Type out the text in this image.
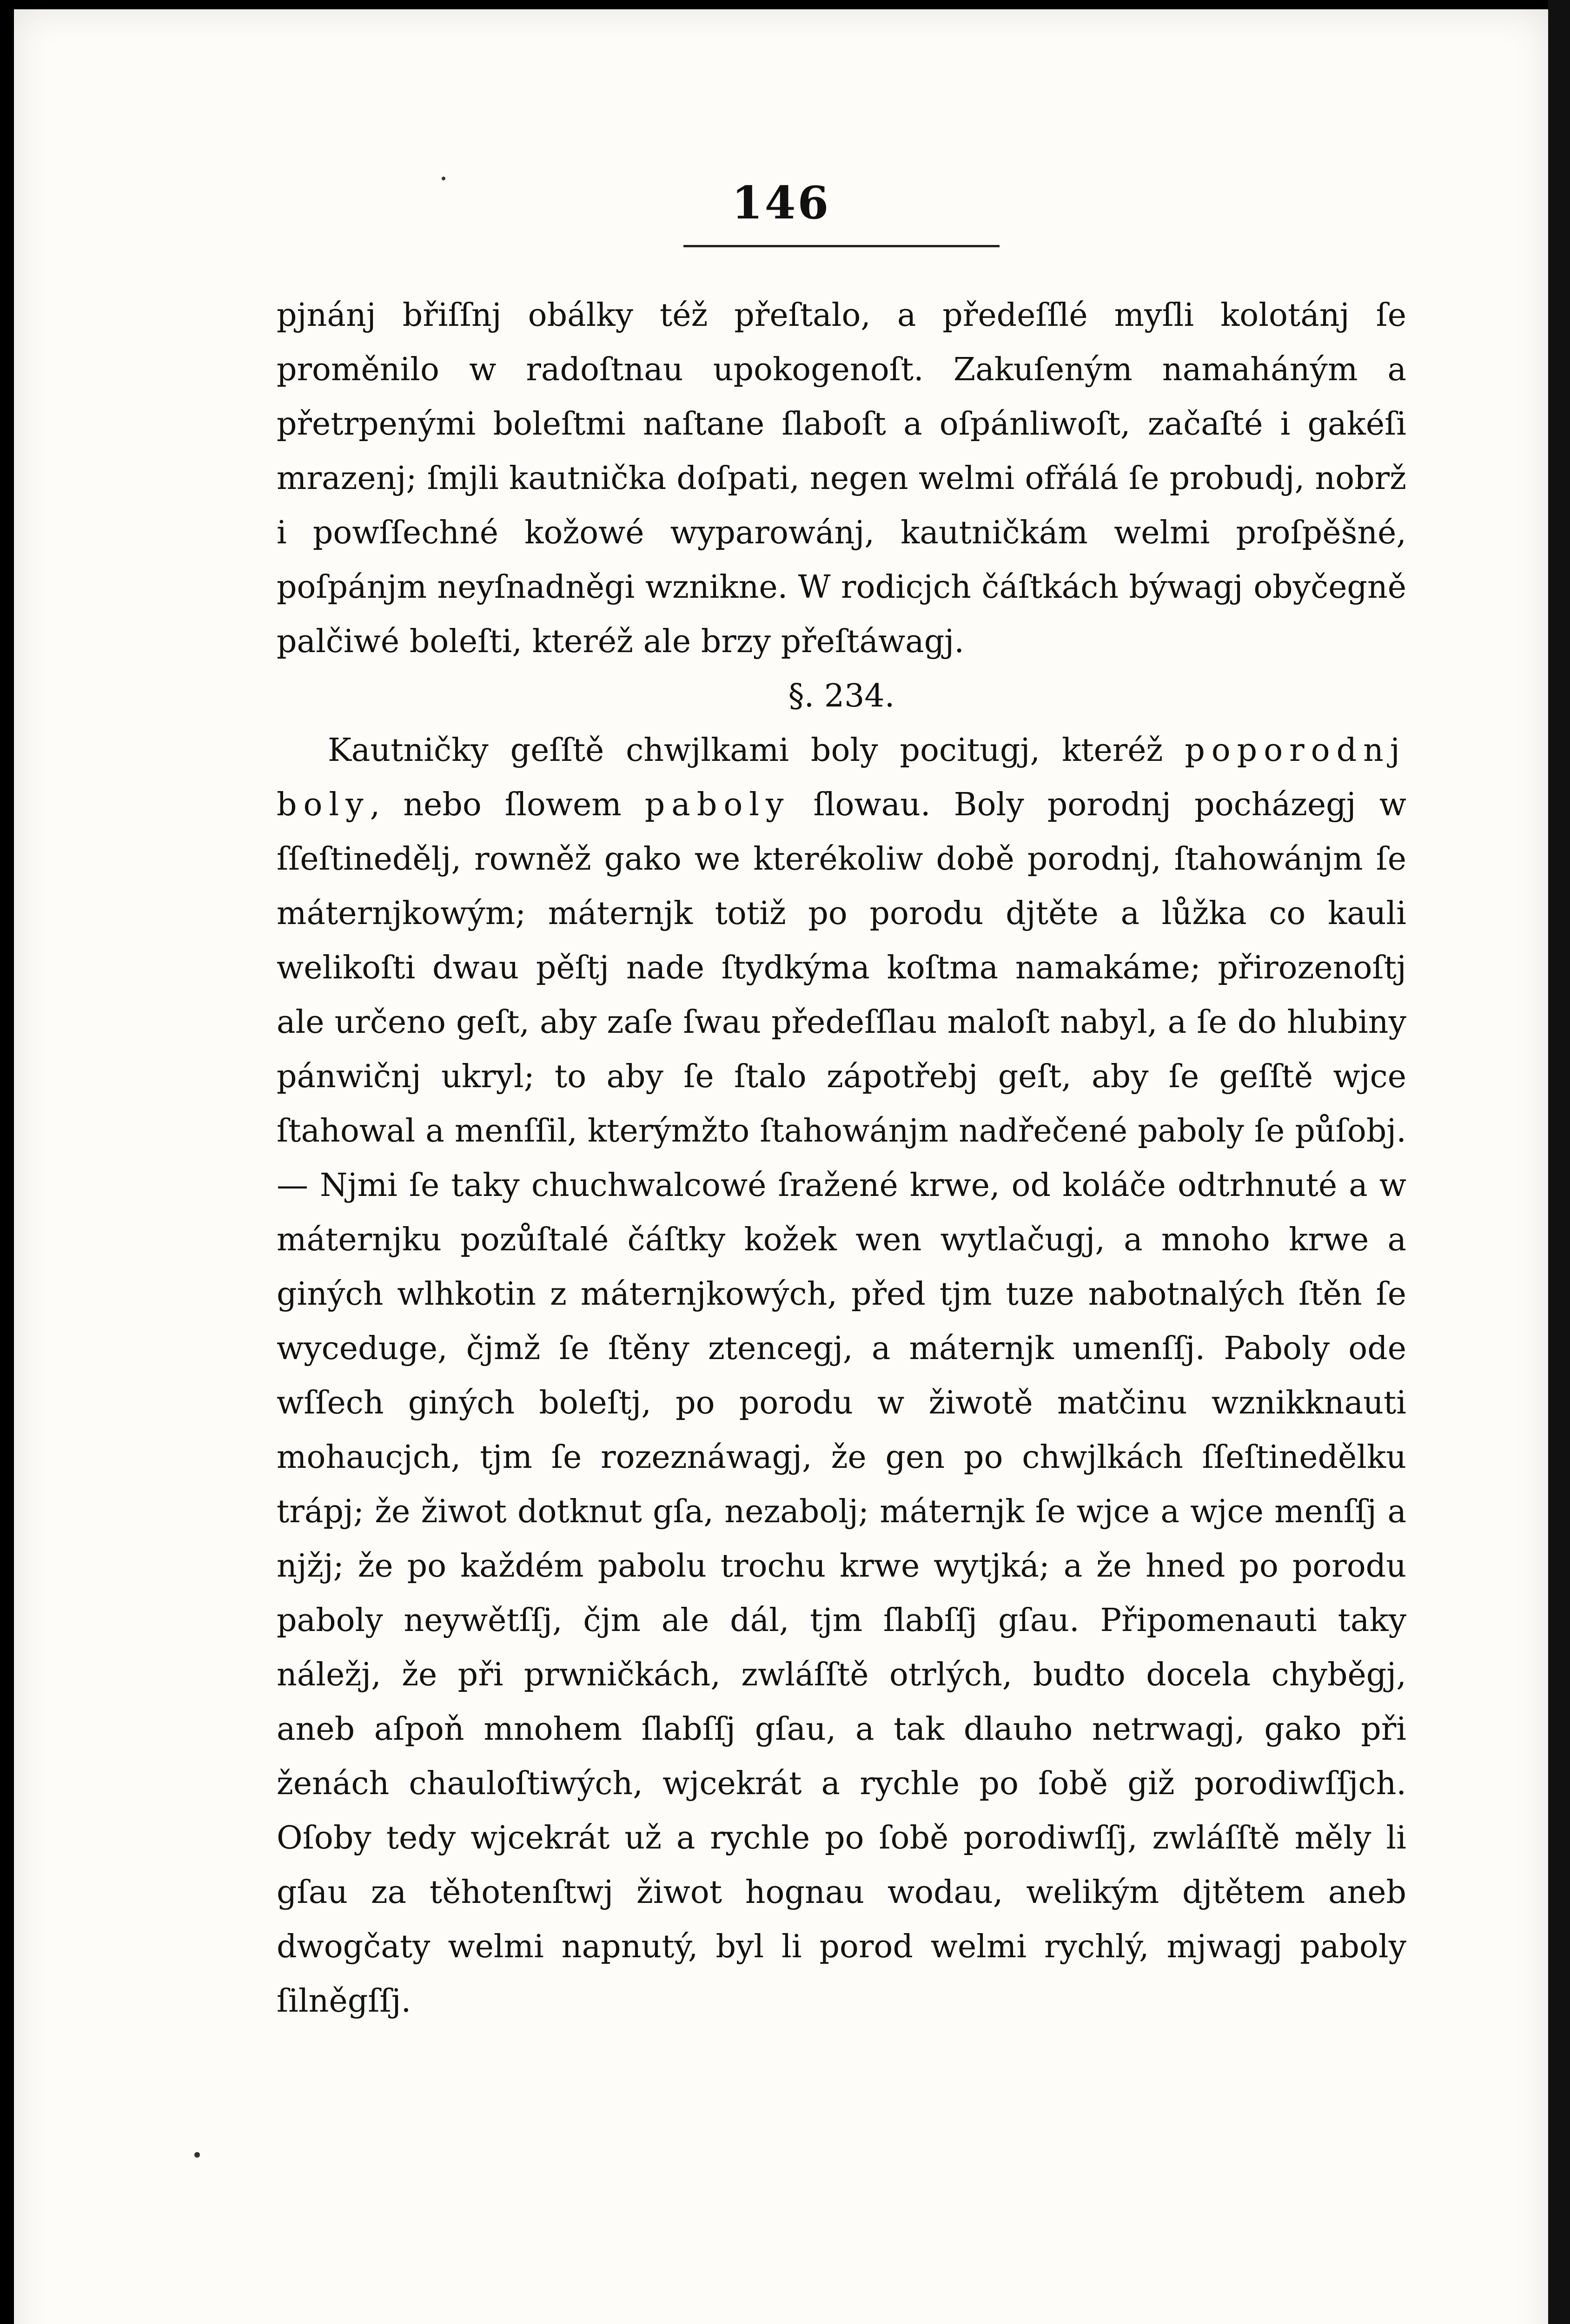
146

pjnánj břiſſnj obálky též přeſtalo, a předeſſlé myſli kolotánj ſe proměnilo w radoſtnau upokogenoſt. Zakuſeným namaháným a přetrpenými boleſtmi naſtane ſlaboſt a oſpánliwoſt, začaſté i gakéſi mrazenj; ſmjli kautnička doſpati, negen welmi ofřálá ſe probudj, nobrž i powſſechné kožowé wyparowánj, kautničkám welmi proſpěšné, poſpánjm neyſnadněgi wznikne. W rodicjch čáſtkách býwagj obyčegně palčiwé boleſti, kteréž ale brzy přeſtáwagj.

§. 234.

Kautničky geſſtě chwjlkami boly pocitugj, kteréž poporodnj boly, nebo ſlowem paboly ſlowau. Boly porodnj pocházegj w ſſeſtinedělj, rowněž gako we kterékoliw době porodnj, ſtahowánjm ſe máternjkowým; máternjk totiž po porodu djtěte a lůžka co kauli welikoſti dwau pěſtj nade ſtydkýma koſtma namakáme; přirozenoſtj ale určeno geſt, aby zaſe ſwau předeſſlau maloſt nabyl, a ſe do hlubiny pánwičnj ukryl; to aby ſe ſtalo zápotřebj geſt, aby ſe geſſtě wjce ſtahowal a menſſil, kterýmžto ſtahowánjm nadřečené paboly ſe půſobj. — Njmi ſe taky chuchwalcowé ſražené krwe, od koláče odtrhnuté a w máternjku pozůſtalé čáſtky kožek wen wytlačugj, a mnoho krwe a giných wlhkotin z máternjkowých, před tjm tuze nabotnalých ſtěn ſe wycedugе, čjmž ſe ſtěny ztencegj, a máternjk umenſſj. Paboly ode wſſech giných boleſtj, po porodu w žiwotě matčinu wznikknauti mohaucjch, tjm ſe rozeznáwagj, že gen po chwjlkách ſſeſtinedělku trápj; že žiwot dotknut gſa, nezabolj; máternjk ſe wjce a wjce menſſj a njžj; že po každém pabolu trochu krwe wytjká; a že hned po porodu paboly neywětſſj, čjm ale dál, tjm ſlabſſj gſau. Připomenauti taky náležj, že při prwničkách, zwláſſtě otrlých, budto docela chyběgj, aneb aſpoň mnohem ſlabſſj gſau, a tak dlauho netrwagj, gako při ženách chauloſtiwých, wjcekrát a rychle po ſobě giž porodiwſſjch. Oſoby tedy wjcekrát už a rychle po ſobě porodiwſſj, zwláſſtě měly li gſau za těhotenſtwj žiwot hognau wodau, welikým djtětem aneb dwogčaty welmi napnutý, byl li porod welmi rychlý, mjwagj paboly ſilněgſſj.
